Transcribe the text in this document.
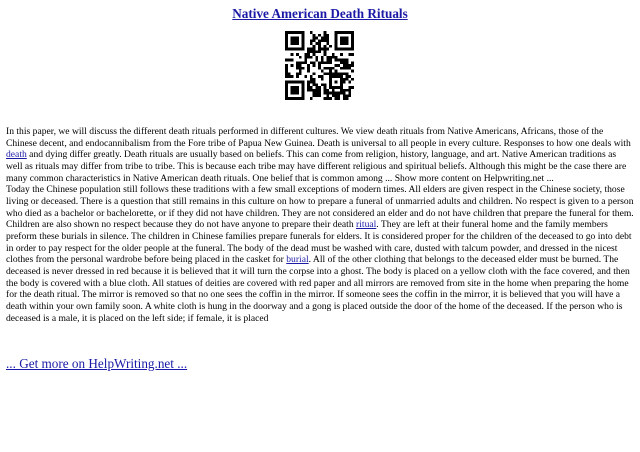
Native American Death Rituals

In this paper, we will discuss the different death rituals performed in different cultures. We view death rituals from Native Americans, Africans, those of the Chinese decent, and endocannibalism from the Fore tribe of Papua New Guinea. Death is universal to all people in every culture. Responses to how one deals with death and dying differ greatly. Death rituals are usually based on beliefs. This can come from religion, history, language, and art. Native American traditions as well as rituals may differ from tribe to tribe. This is because each tribe may have different religious and spiritual beliefs. Although this might be the case there are many common characteristics in Native American death rituals. One belief that is common among ... Show more content on Helpwriting.net ...

Today the Chinese population still follows these traditions with a few small exceptions of modern times. All elders are given respect in the Chinese society, those living or deceased. There is a question that still remains in this culture on how to prepare a funeral of unmarried adults and children. No respect is given to a person who died as a bachelor or bachelorette, or if they did not have children. They are not considered an elder and do not have children that prepare the funeral for them. Children are also shown no respect because they do not have anyone to prepare their death ritual. They are left at their funeral home and the family members preform these burials in silence. The children in Chinese families prepare funerals for elders. It is considered proper for the children of the deceased to go into debt in order to pay respect for the older people at the funeral. The body of the dead must be washed with care, dusted with talcum powder, and dressed in the nicest clothes from the personal wardrobe before being placed in the casket for burial. All of the other clothing that belongs to the deceased elder must be burned. The deceased is never dressed in red because it is believed that it will turn the corpse into a ghost. The body is placed on a yellow cloth with the face covered, and then the body is covered with a blue cloth. All statues of deities are covered with red paper and all mirrors are removed from site in the home when preparing the home for the death ritual. The mirror is removed so that no one sees the coffin in the mirror. If someone sees the coffin in the mirror, it is believed that you will have a death within your own family soon. A white cloth is hung in the doorway and a gong is placed outside the door of the home of the deceased. If the person who is deceased is a male, it is placed on the left side; if female, it is placed

... Get more on HelpWriting.net ...
